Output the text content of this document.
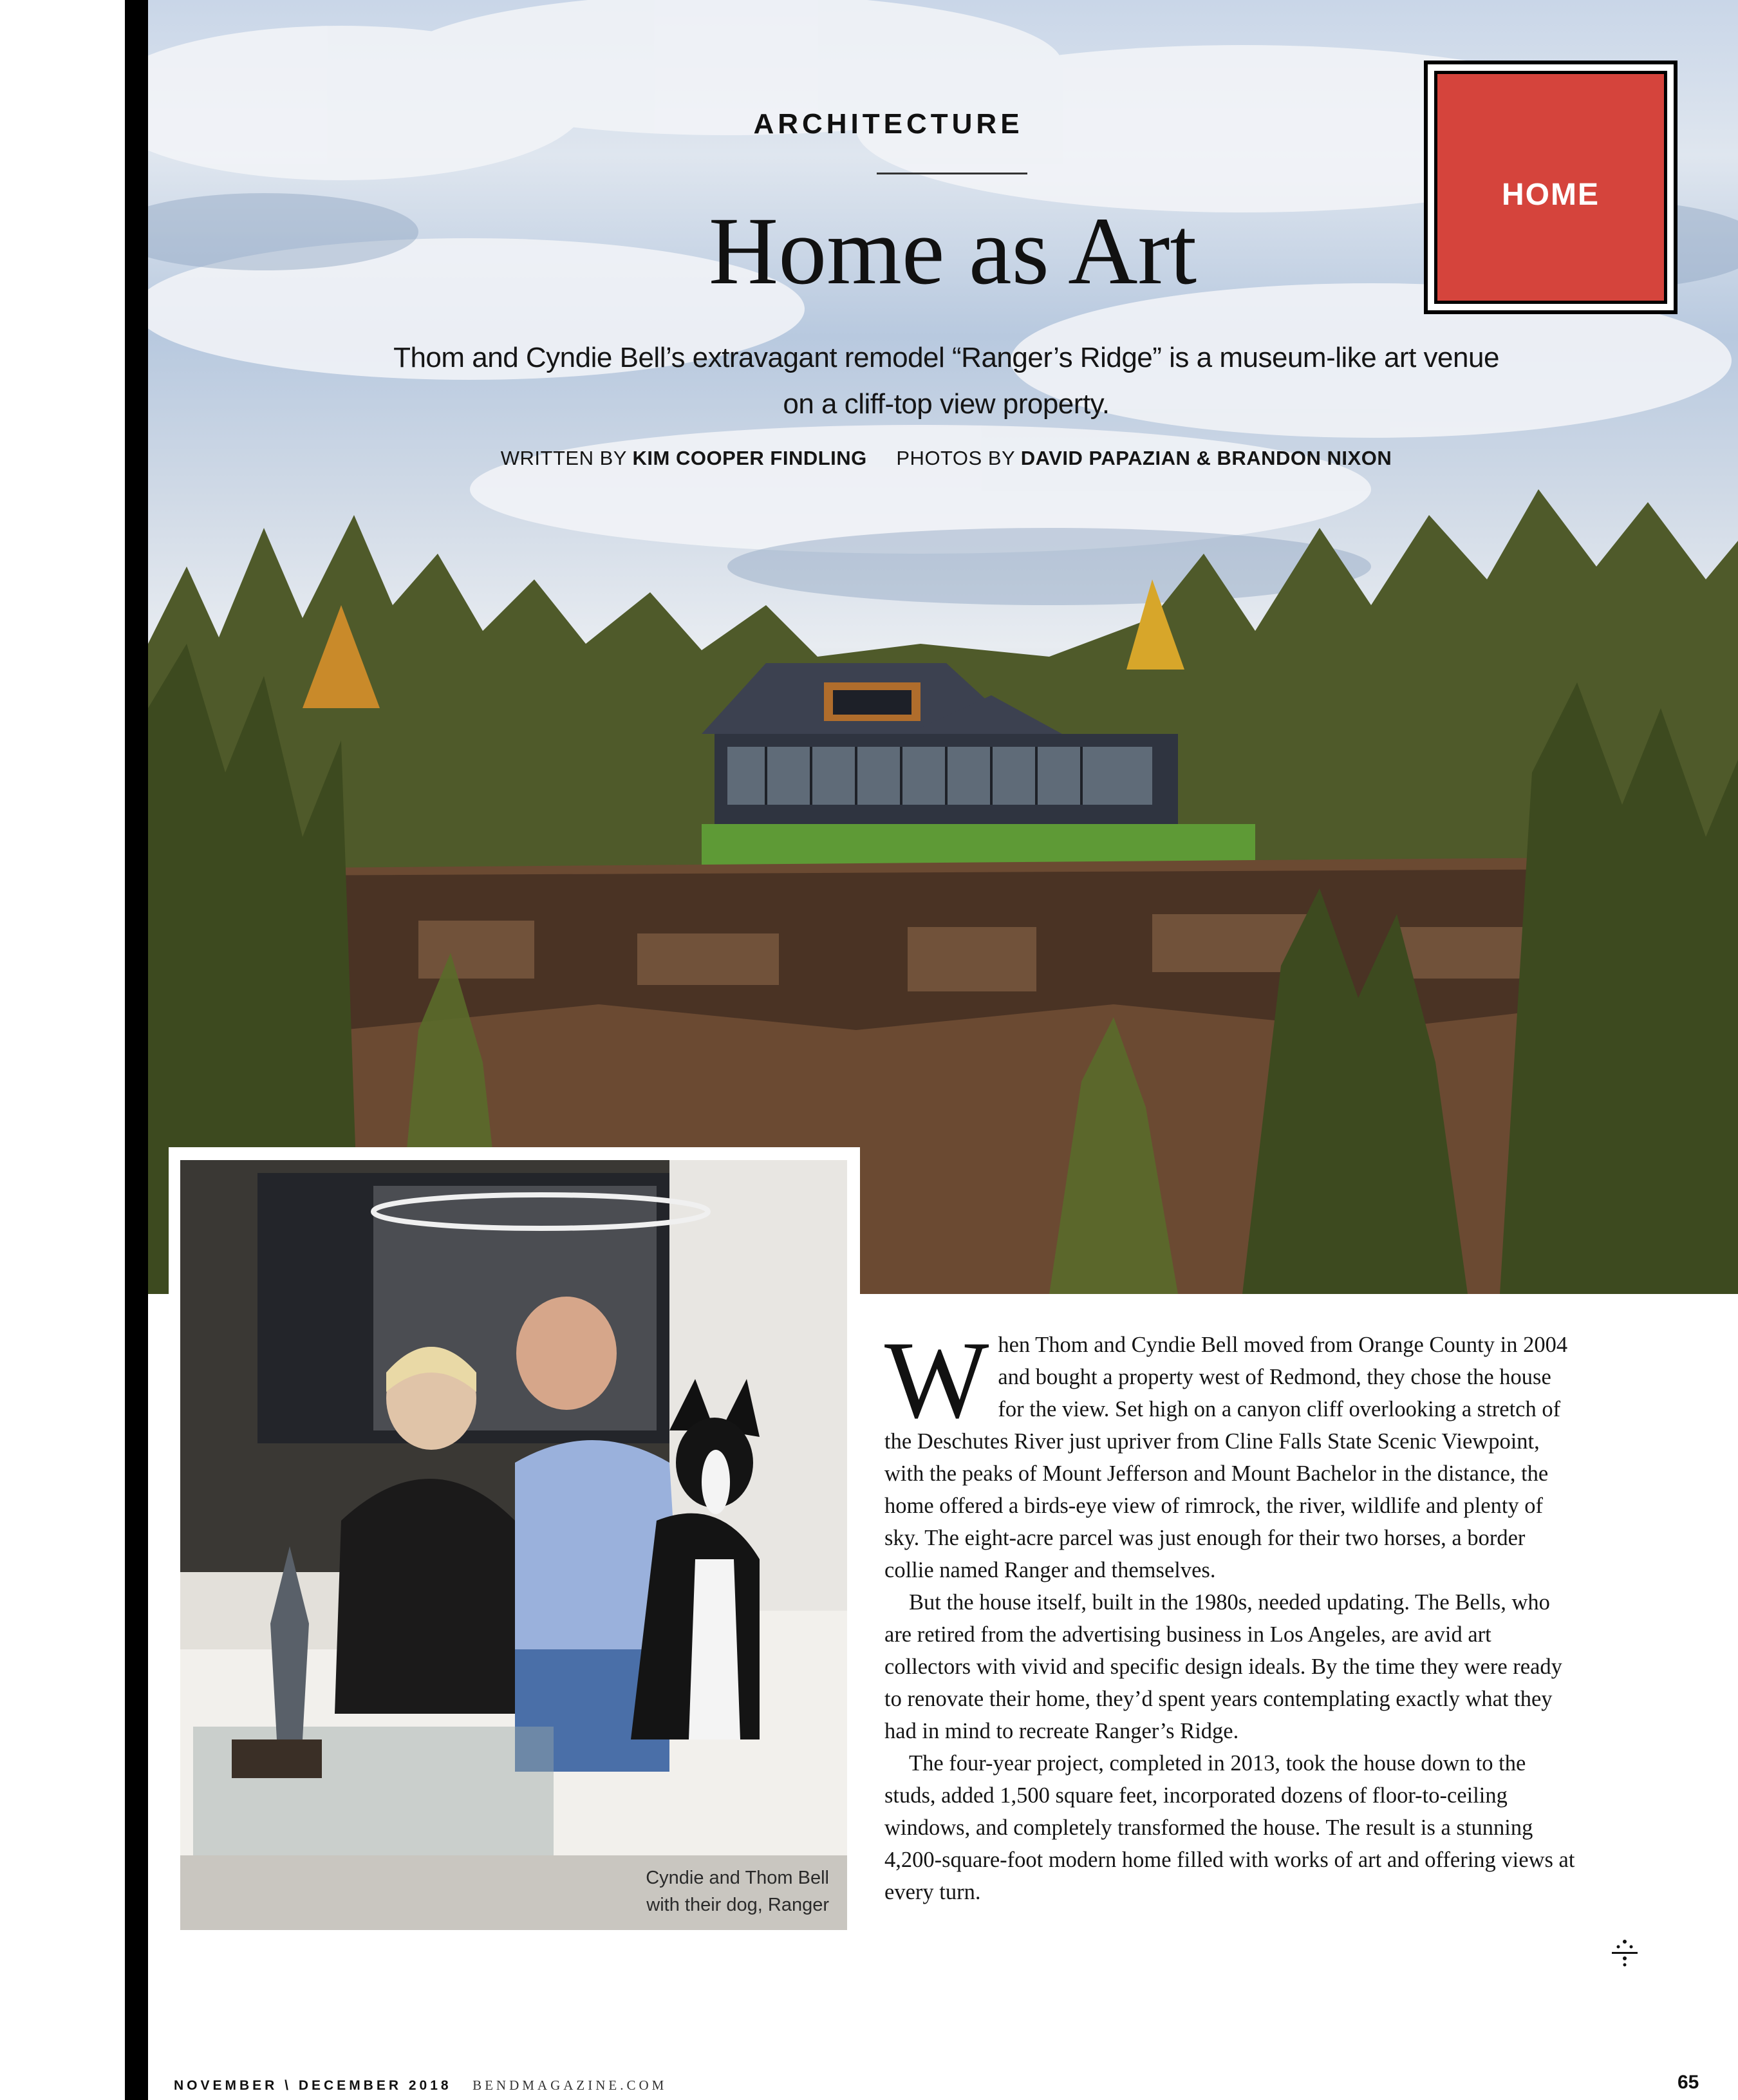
ARCHITECTURE
Home as Art
Thom and Cyndie Bell’s extravagant remodel “Ranger’s Ridge” is a museum-like art venue
on a cliff-top view property.
WRITTEN BY KIM COOPER FINDLING PHOTOS BY DAVID PAPAZIAN & BRANDON NIXON
HOME
Cyndie and Thom Bell
with their dog, Ranger

When Thom and Cyndie Bell moved from Orange County in 2004 and bought a property west of Redmond, they chose the house for the view. Set high on a canyon cliff overlooking a stretch of the Deschutes River just upriver from Cline Falls State Scenic Viewpoint, with the peaks of Mount Jefferson and Mount Bachelor in the distance, the home offered a birds-eye view of rimrock, the river, wildlife and plenty of sky. The eight-acre parcel was just enough for their two horses, a border collie named Ranger and themselves.

But the house itself, built in the 1980s, needed updating. The Bells, who are retired from the advertising business in Los Angeles, are avid art collectors with vivid and specific design ideals. By the time they were ready to renovate their home, they’d spent years contemplating exactly what they had in mind to recreate Ranger’s Ridge.

The four-year project, completed in 2013, took the house down to the studs, added 1,500 square feet, incorporated dozens of floor-to-ceiling windows, and completely transformed the house. The result is a stunning 4,200-square-foot modern home filled with works of art and offering views at every turn.

NOVEMBER \ DECEMBER 2018 BENDMAGAZINE.COM	65
